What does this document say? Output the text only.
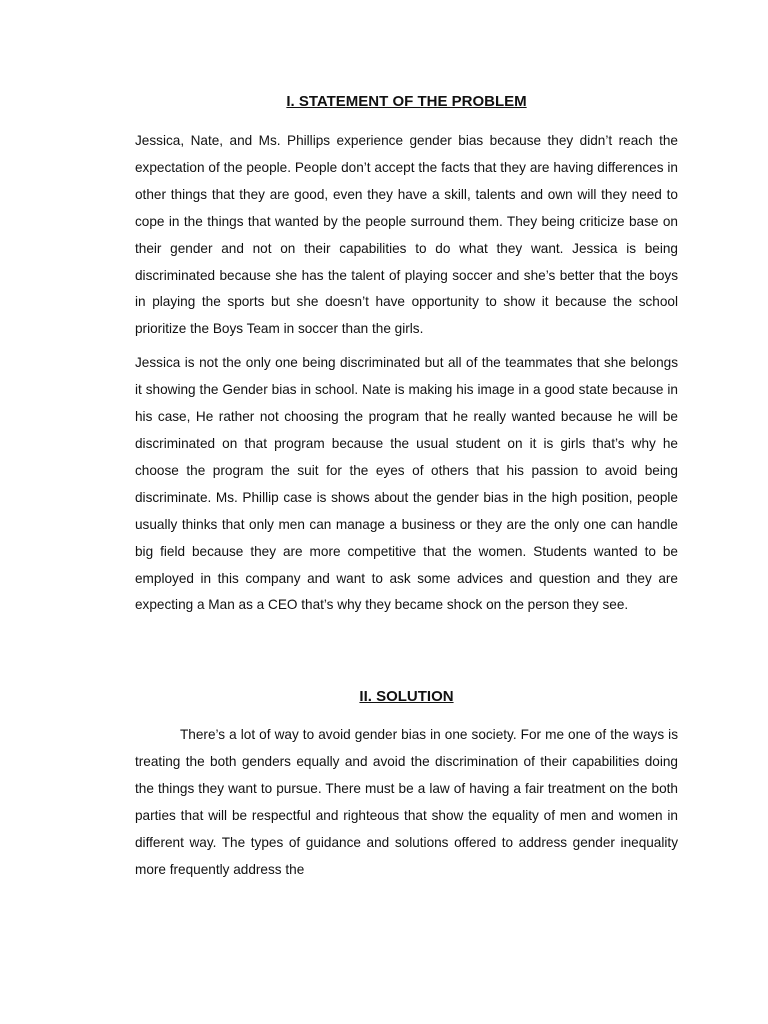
I. STATEMENT OF THE PROBLEM

Jessica, Nate, and Ms. Phillips experience gender bias because they didn’t reach the expectation of the people. People don’t accept the facts that they are having differences in other things that they are good, even they have a skill, talents and own will they need to cope in the things that wanted by the people surround them. They being criticize base on their gender and not on their capabilities to do what they want. Jessica is being discriminated because she has the talent of playing soccer and she’s better that the boys in playing the sports but she doesn’t have opportunity to show it because the school prioritize the Boys Team in soccer than the girls.

Jessica is not the only one being discriminated but all of the teammates that she belongs it showing the Gender bias in school. Nate is making his image in a good state because in his case, He rather not choosing the program that he really wanted because he will be discriminated on that program because the usual student on it is girls that’s why he choose the program the suit for the eyes of others that his passion to avoid being discriminate. Ms. Phillip case is shows about the gender bias in the high position, people usually thinks that only men can manage a business or they are the only one can handle big field because they are more competitive that the women. Students wanted to be employed in this company and want to ask some advices and question and they are expecting a Man as a CEO that’s why they became shock on the person they see.

II. SOLUTION

There’s a lot of way to avoid gender bias in one society. For me one of the ways is treating the both genders equally and avoid the discrimination of their capabilities doing the things they want to pursue. There must be a law of having a fair treatment on the both parties that will be respectful and righteous that show the equality of men and women in different way. The types of guidance and solutions offered to address gender inequality more frequently address the
